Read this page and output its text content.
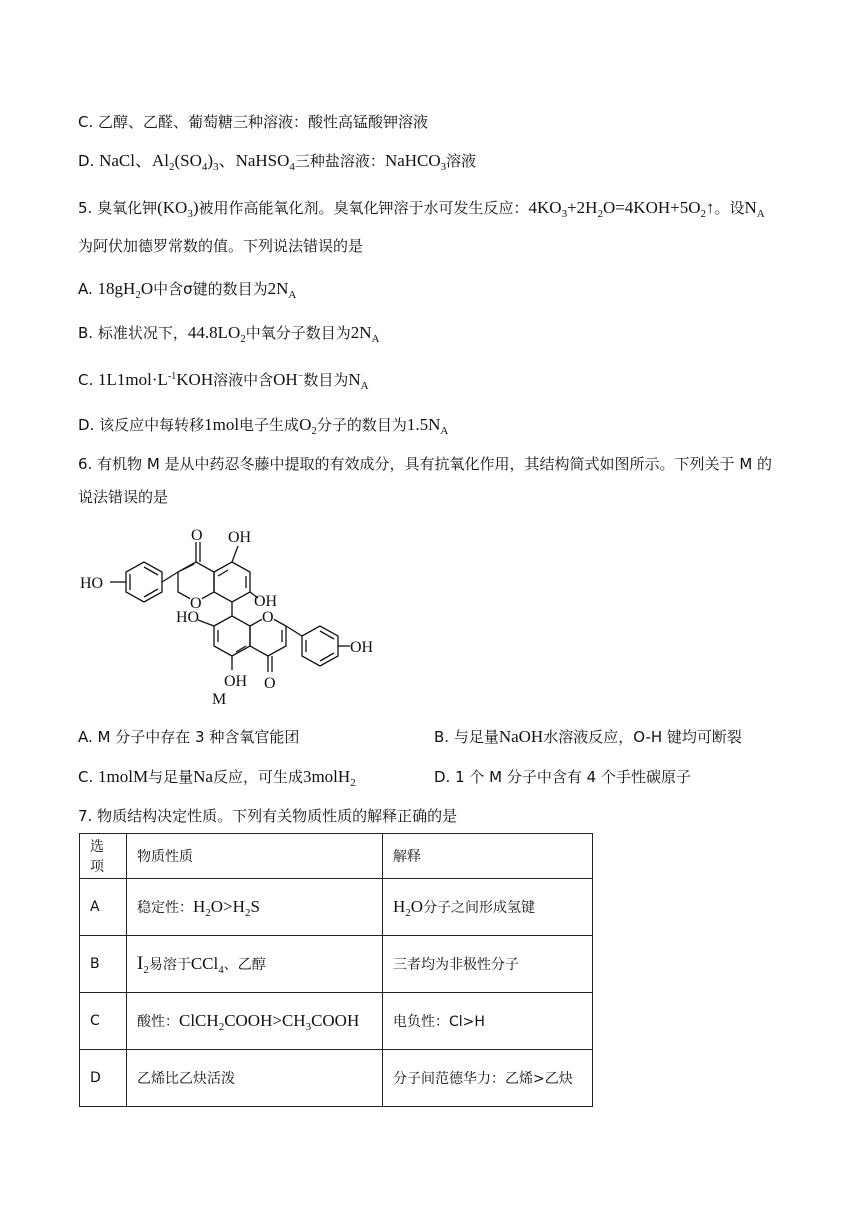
C. 乙醇、乙醛、葡萄糖三种溶液：酸性高锰酸钾溶液
D. NaCl、$Al_2(SO_4)_3$、NaHSO$_4$三种盐溶液：NaHCO$_3$溶液
5. 臭氧化钾$(KO_3)$被用作高能氧化剂。臭氧化钾溶于水可发生反应：$4KO_3+2H_2O=4KOH+5O_2↑$。设$N_A$
为阿伏加德罗常数的值。下列说法错误的是
A. $18gH_2O$中含σ键的数目为$2N_A$
B. 标准状况下，$44.8LO_2$中氧分子数目为$2N_A$
C. $1L1mol\cdot L^{-1}KOH$溶液中含OH−数目为$N_A$
D. 该反应中每转移1mol电子生成$O_2$分子的数目为$1.5N_A$
6. 有机物 M 是从中药忍冬藤中提取的有效成分，具有抗氧化作用，其结构简式如图所示。下列关于 M 的
说法错误的是
HO
O
O
OH
OH
HO	O
OH
OH O
M
A. M 分子中存在 3 种含氧官能团	B. 与足量NaOH水溶液反应，O-H 键均可断裂
C. 1molM与足量Na反应，可生成3molH$_2$	D. 1 个 M 分子中含有 4 个手性碳原子
7. 物质结构决定性质。下列有关物质性质的解释正确的是
选项	物质性质	解释
A	稳定性：$H_2O>H_2S$	$H_2O$分子之间形成氢键
B	$I_2$易溶于CCl$_4$、乙醇	三者均为非极性分子
C	酸性：$ClCH_2COOH>CH_3COOH$	电负性：Cl>H
D	乙烯比乙炔活泼	分子间范德华力：乙烯>乙炔
